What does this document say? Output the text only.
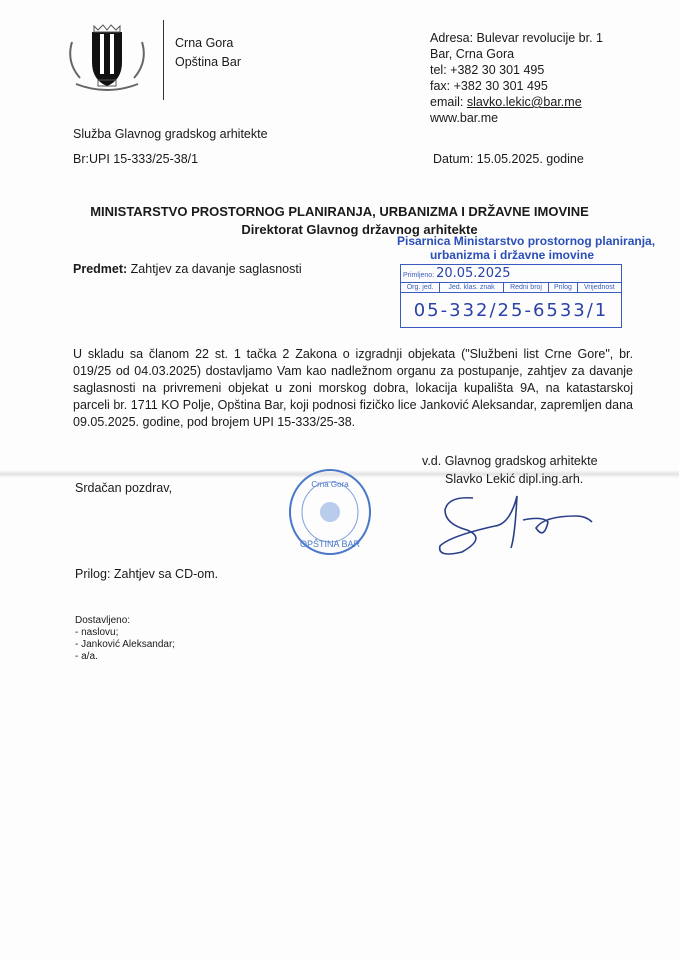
Crna Gora
Opština Bar
Adresa: Bulevar revolucije br. 1
Bar, Crna Gora
tel: +382 30 301 495
fax: +382 30 301 495
email: slavko.lekic@bar.me
www.bar.me
Služba Glavnog gradskog arhitekte
Br:UPI 15-333/25-38/1	Datum: 15.05.2025. godine
MINISTARSTVO PROSTORNOG PLANIRANJA, URBANIZMA I DRŽAVNE IMOVINE
Direktorat Glavnog državnog arhitekte
Pisarnica Ministarstvo prostornog planiranja,
urbanizma i državne imovine
Primljeno: 20.05.2025
Org. jed.	Jed. klas. znak	Redni broj	Prilog	Vrijednost
05-332/25-6533/1
Predmet: Zahtjev za davanje saglasnosti
U skladu sa članom 22 st. 1 tačka 2 Zakona o izgradnji objekata ("Službeni list Crne Gore", br. 019/25 od 04.03.2025) dostavljamo Vam kao nadležnom organu za postupanje, zahtjev za davanje saglasnosti na privremeni objekat u zoni morskog dobra, lokacija kupališta 9A, na katastarskoj parceli br. 1711 KO Polje, Opština Bar, koji podnosi fizičko lice Janković Aleksandar, zapremljen dana 09.05.2025. godine, pod brojem UPI 15-333/25-38.
v.d. Glavnog gradskog arhitekte
Slavko Lekić dipl.ing.arh.
Srdačan pozdrav,	Crna Gora
OPŠTINA BAR
Prilog: Zahtjev sa CD-om.
Dostavljeno:
- naslovu;
- Janković Aleksandar;
- a/a.
